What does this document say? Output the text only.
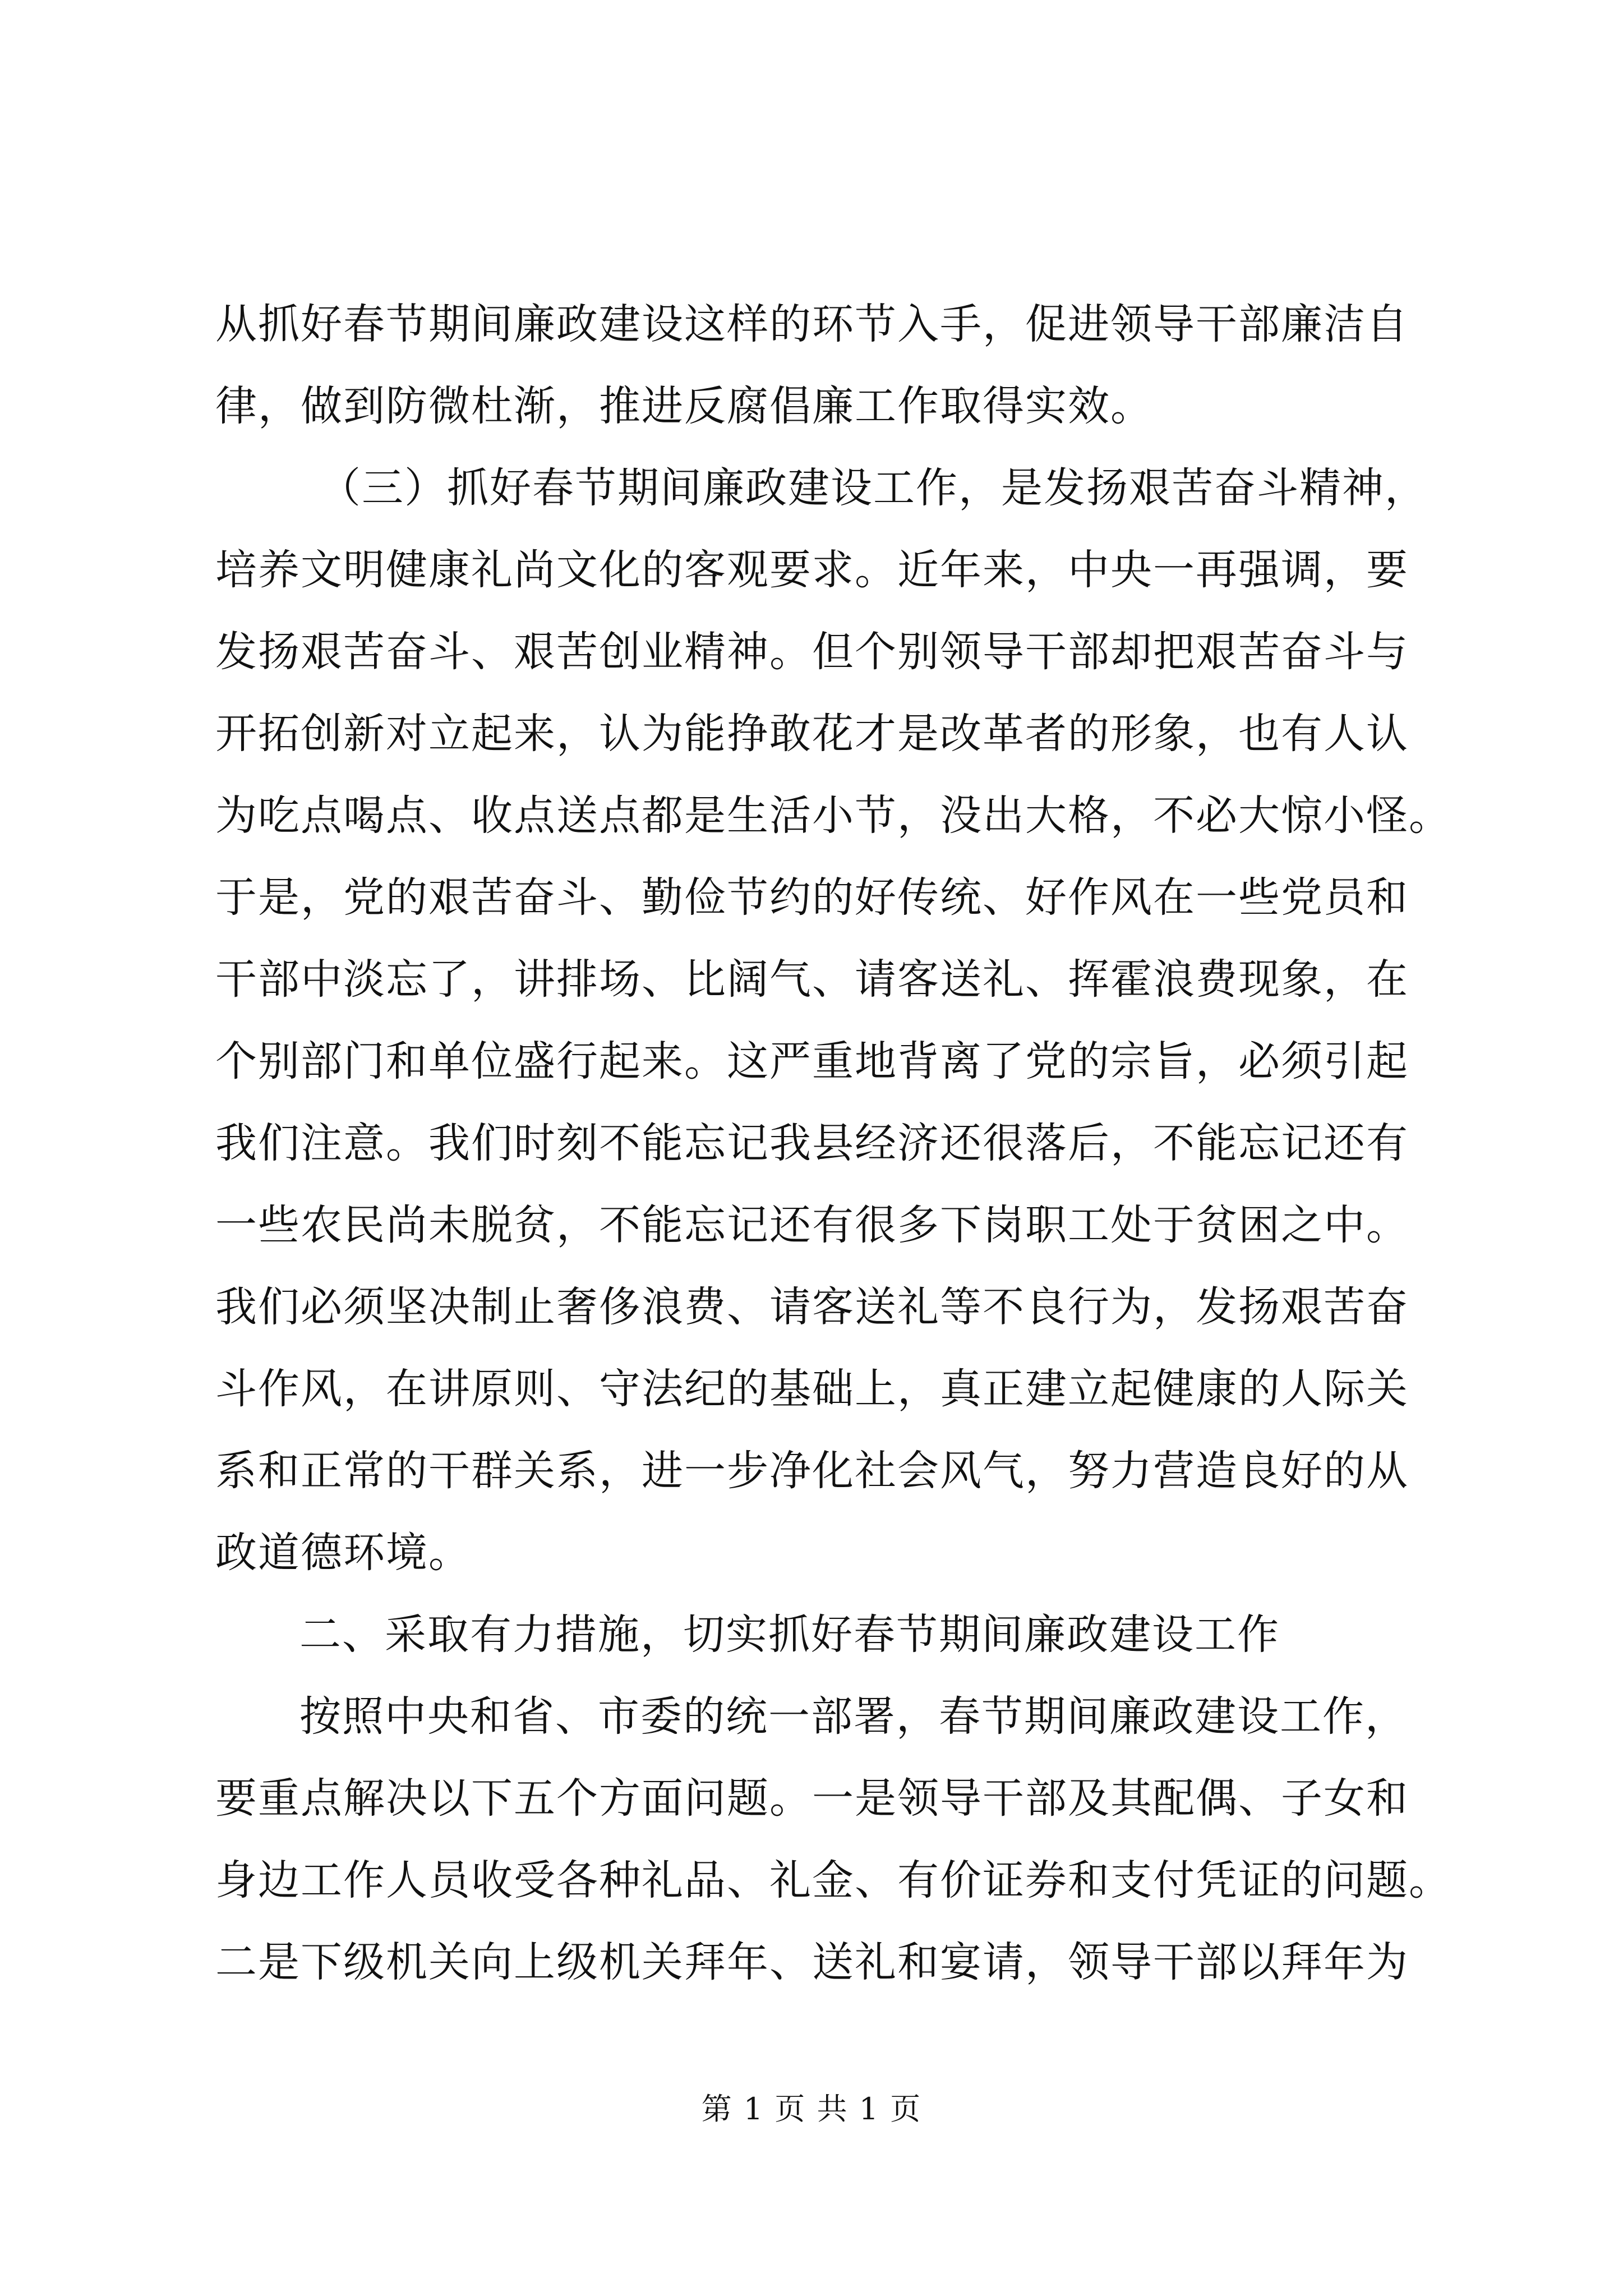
从抓好春节期间廉政建设这样的环节入手，促进领导干部廉洁自
律，做到防微杜渐，推进反腐倡廉工作取得实效。
（三）抓好春节期间廉政建设工作，是发扬艰苦奋斗精神，
培养文明健康礼尚文化的客观要求。近年来，中央一再强调，要
发扬艰苦奋斗、艰苦创业精神。但个别领导干部却把艰苦奋斗与
开拓创新对立起来，认为能挣敢花才是改革者的形象，也有人认
为吃点喝点、收点送点都是生活小节，没出大格，不必大惊小怪。
于是，党的艰苦奋斗、勤俭节约的好传统、好作风在一些党员和
干部中淡忘了，讲排场、比阔气、请客送礼、挥霍浪费现象，在
个别部门和单位盛行起来。这严重地背离了党的宗旨，必须引起
我们注意。我们时刻不能忘记我县经济还很落后，不能忘记还有
一些农民尚未脱贫，不能忘记还有很多下岗职工处于贫困之中。
我们必须坚决制止奢侈浪费、请客送礼等不良行为，发扬艰苦奋
斗作风，在讲原则、守法纪的基础上，真正建立起健康的人际关
系和正常的干群关系，进一步净化社会风气，努力营造良好的从
政道德环境。
二、采取有力措施，切实抓好春节期间廉政建设工作
按照中央和省、市委的统一部署，春节期间廉政建设工作，
要重点解决以下五个方面问题。一是领导干部及其配偶、子女和
身边工作人员收受各种礼品、礼金、有价证券和支付凭证的问题。
二是下级机关向上级机关拜年、送礼和宴请，领导干部以拜年为
第 1 页 共 1 页
